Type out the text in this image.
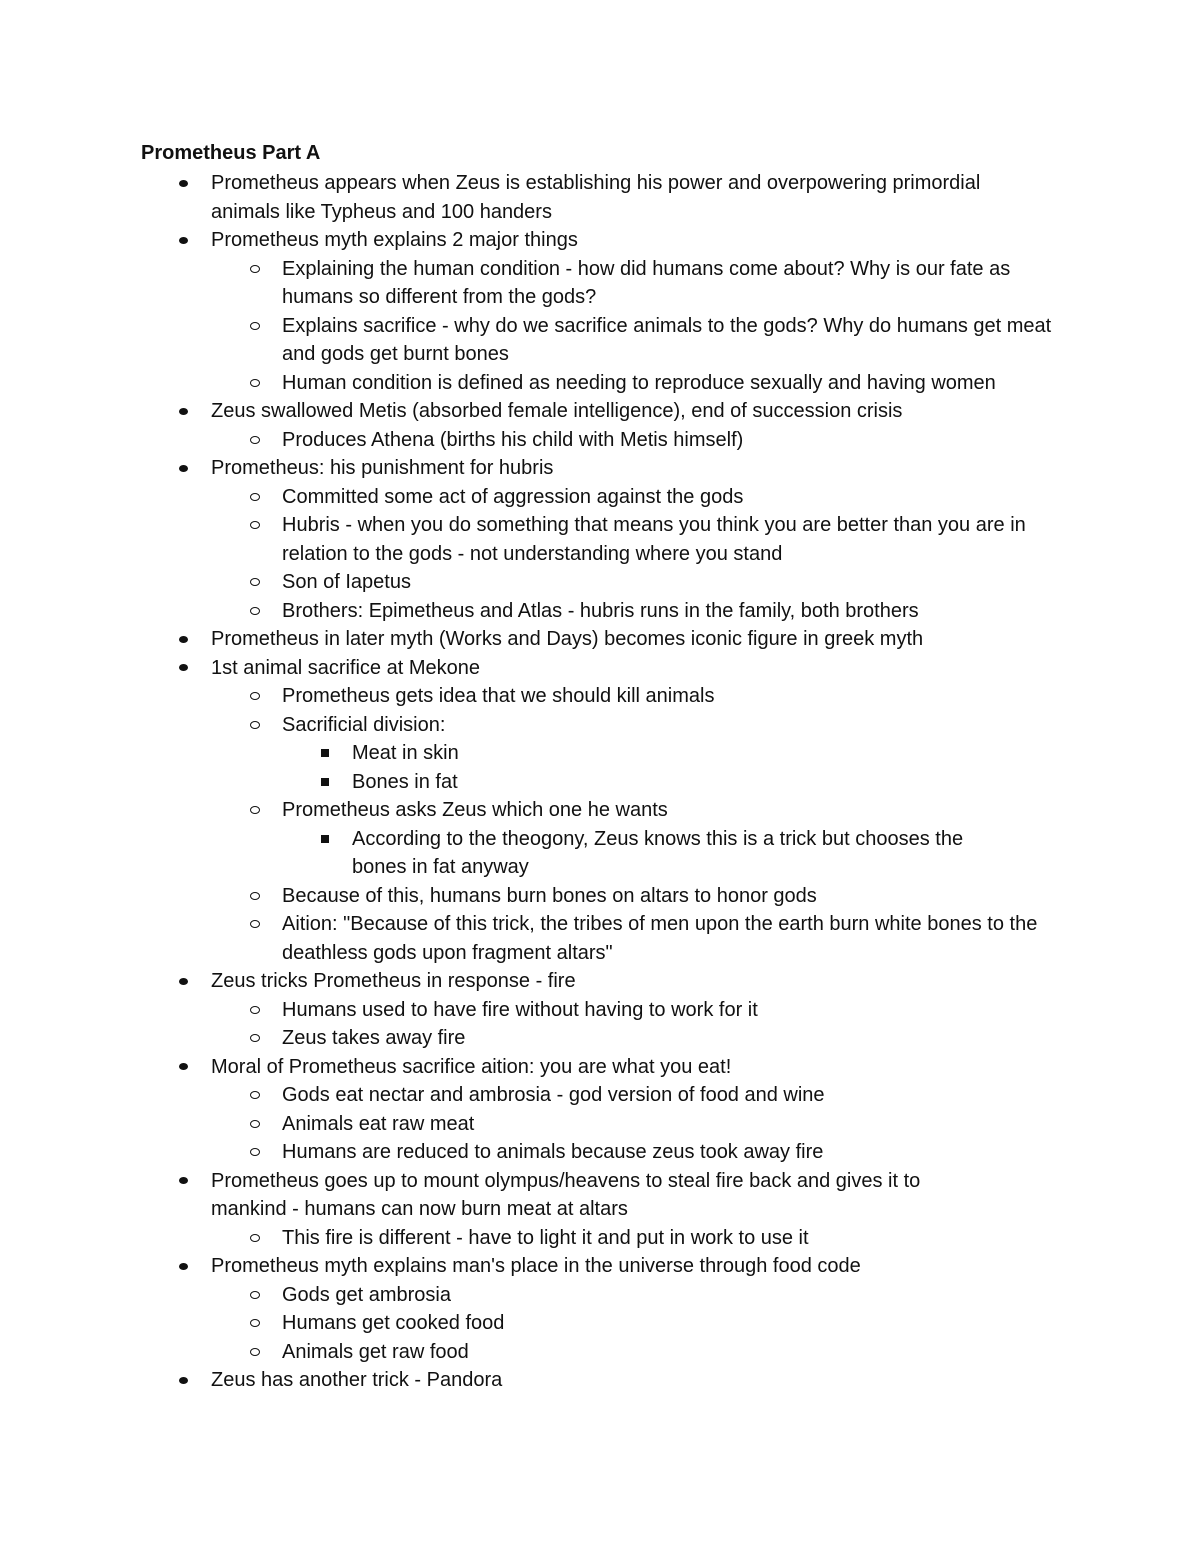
Prometheus Part A
Prometheus appears when Zeus is establishing his power and overpowering primordial animals like Typheus and 100 handers
Prometheus myth explains 2 major things
Explaining the human condition - how did humans come about? Why is our fate as humans so different from the gods?
Explains sacrifice - why do we sacrifice animals to the gods? Why do humans get meat and gods get burnt bones
Human condition is defined as needing to reproduce sexually and having women
Zeus swallowed Metis (absorbed female intelligence), end of succession crisis
Produces Athena (births his child with Metis himself)
Prometheus: his punishment for hubris
Committed some act of aggression against the gods
Hubris - when you do something that means you think you are better than you are in relation to the gods - not understanding where you stand
Son of Iapetus
Brothers: Epimetheus and Atlas - hubris runs in the family, both brothers
Prometheus in later myth (Works and Days) becomes iconic figure in greek myth
1st animal sacrifice at Mekone
Prometheus gets idea that we should kill animals
Sacrificial division:
Meat in skin
Bones in fat
Prometheus asks Zeus which one he wants
According to the theogony, Zeus knows this is a trick but chooses the bones in fat anyway
Because of this, humans burn bones on altars to honor gods
Aition: "Because of this trick, the tribes of men upon the earth burn white bones to the deathless gods upon fragment altars"
Zeus tricks Prometheus in response - fire
Humans used to have fire without having to work for it
Zeus takes away fire
Moral of Prometheus sacrifice aition: you are what you eat!
Gods eat nectar and ambrosia - god version of food and wine
Animals eat raw meat
Humans are reduced to animals because zeus took away fire
Prometheus goes up to mount olympus/heavens to steal fire back and gives it to mankind - humans can now burn meat at altars
This fire is different - have to light it and put in work to use it
Prometheus myth explains man's place in the universe through food code
Gods get ambrosia
Humans get cooked food
Animals get raw food
Zeus has another trick - Pandora
